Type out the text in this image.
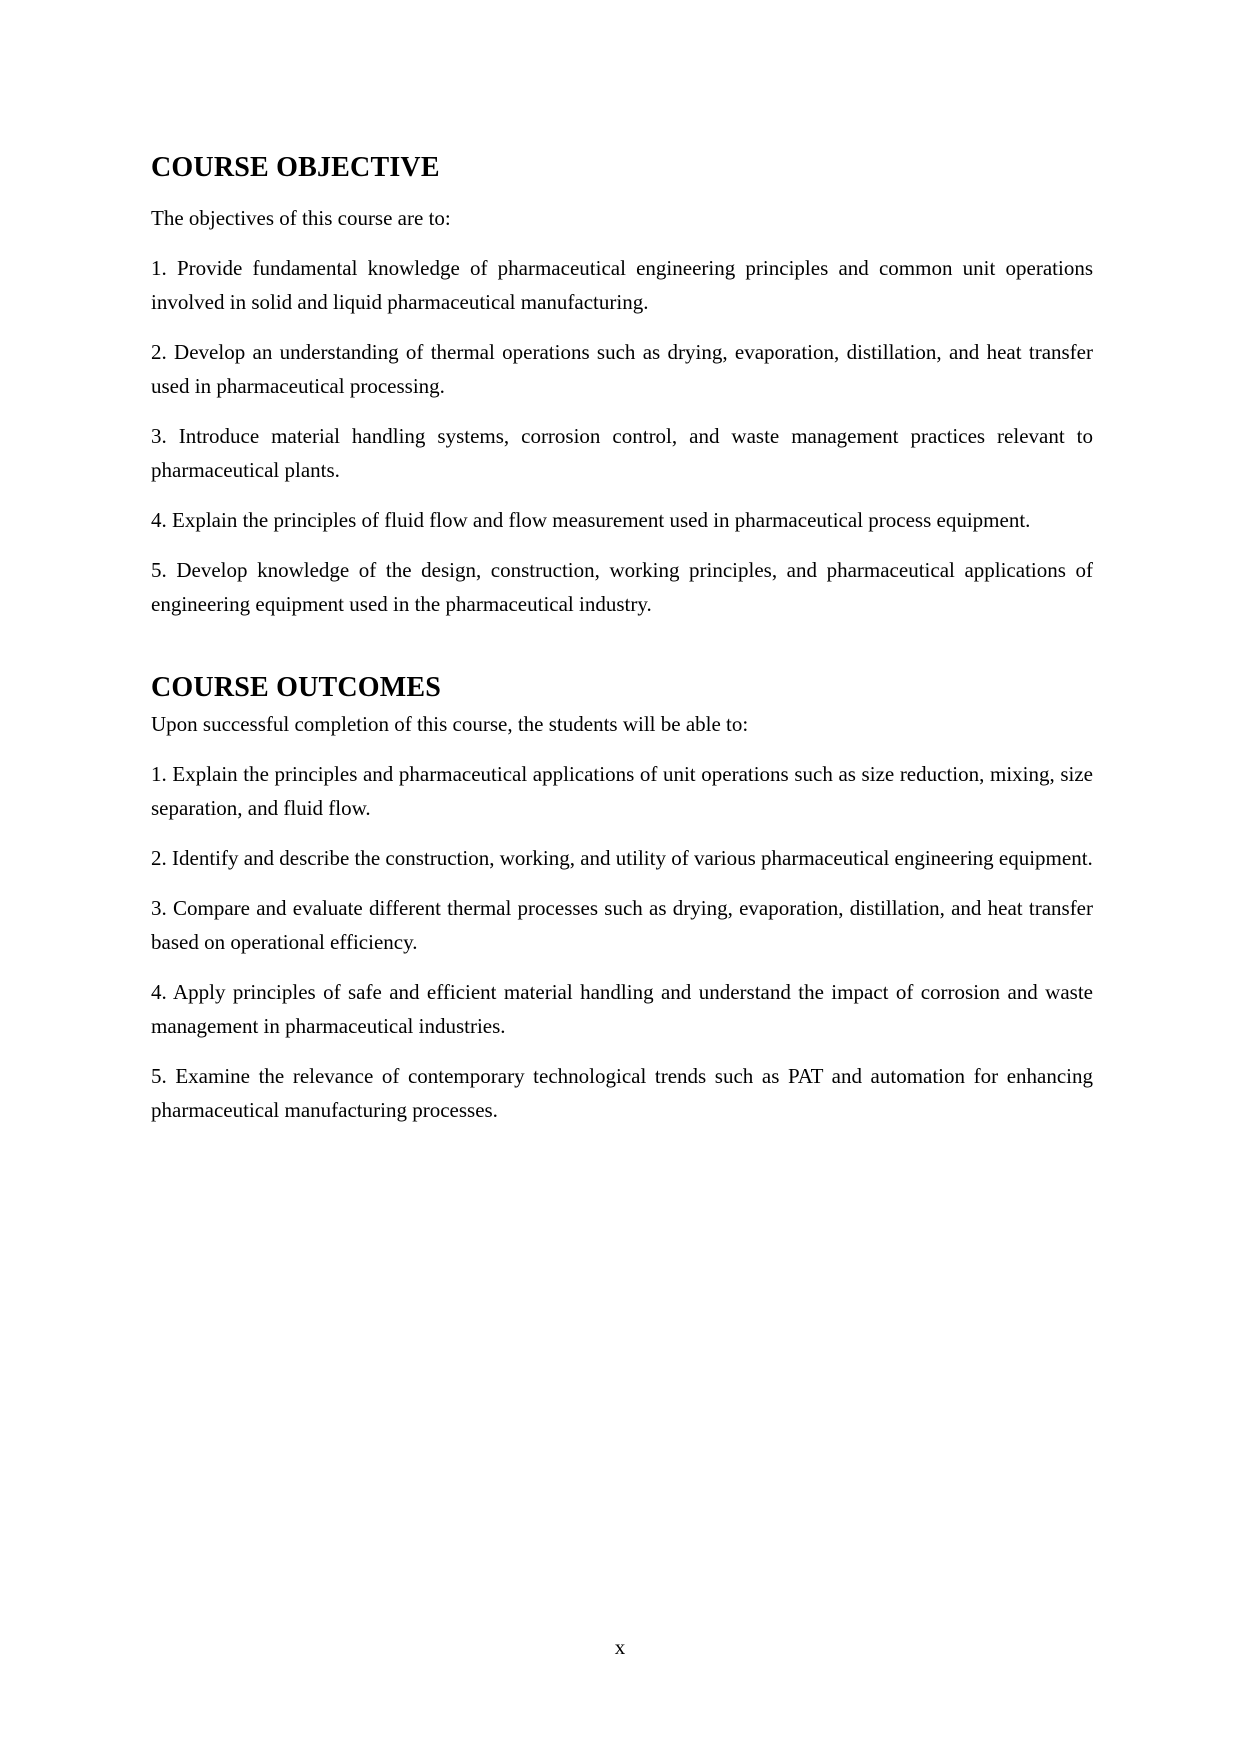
COURSE OBJECTIVE

The objectives of this course are to:

1. Provide fundamental knowledge of pharmaceutical engineering principles and common unit operations involved in solid and liquid pharmaceutical manufacturing.

2. Develop an understanding of thermal operations such as drying, evaporation, distillation, and heat transfer used in pharmaceutical processing.

3. Introduce material handling systems, corrosion control, and waste management practices relevant to pharmaceutical plants.

4. Explain the principles of fluid flow and flow measurement used in pharmaceutical process equipment.

5. Develop knowledge of the design, construction, working principles, and pharmaceutical applications of engineering equipment used in the pharmaceutical industry.

COURSE OUTCOMES

Upon successful completion of this course, the students will be able to:

1. Explain the principles and pharmaceutical applications of unit operations such as size reduction, mixing, size separation, and fluid flow.

2. Identify and describe the construction, working, and utility of various pharmaceutical engineering equipment.

3. Compare and evaluate different thermal processes such as drying, evaporation, distillation, and heat transfer based on operational efficiency.

4. Apply principles of safe and efficient material handling and understand the impact of corrosion and waste management in pharmaceutical industries.

5. Examine the relevance of contemporary technological trends such as PAT and automation for enhancing pharmaceutical manufacturing processes.

x
